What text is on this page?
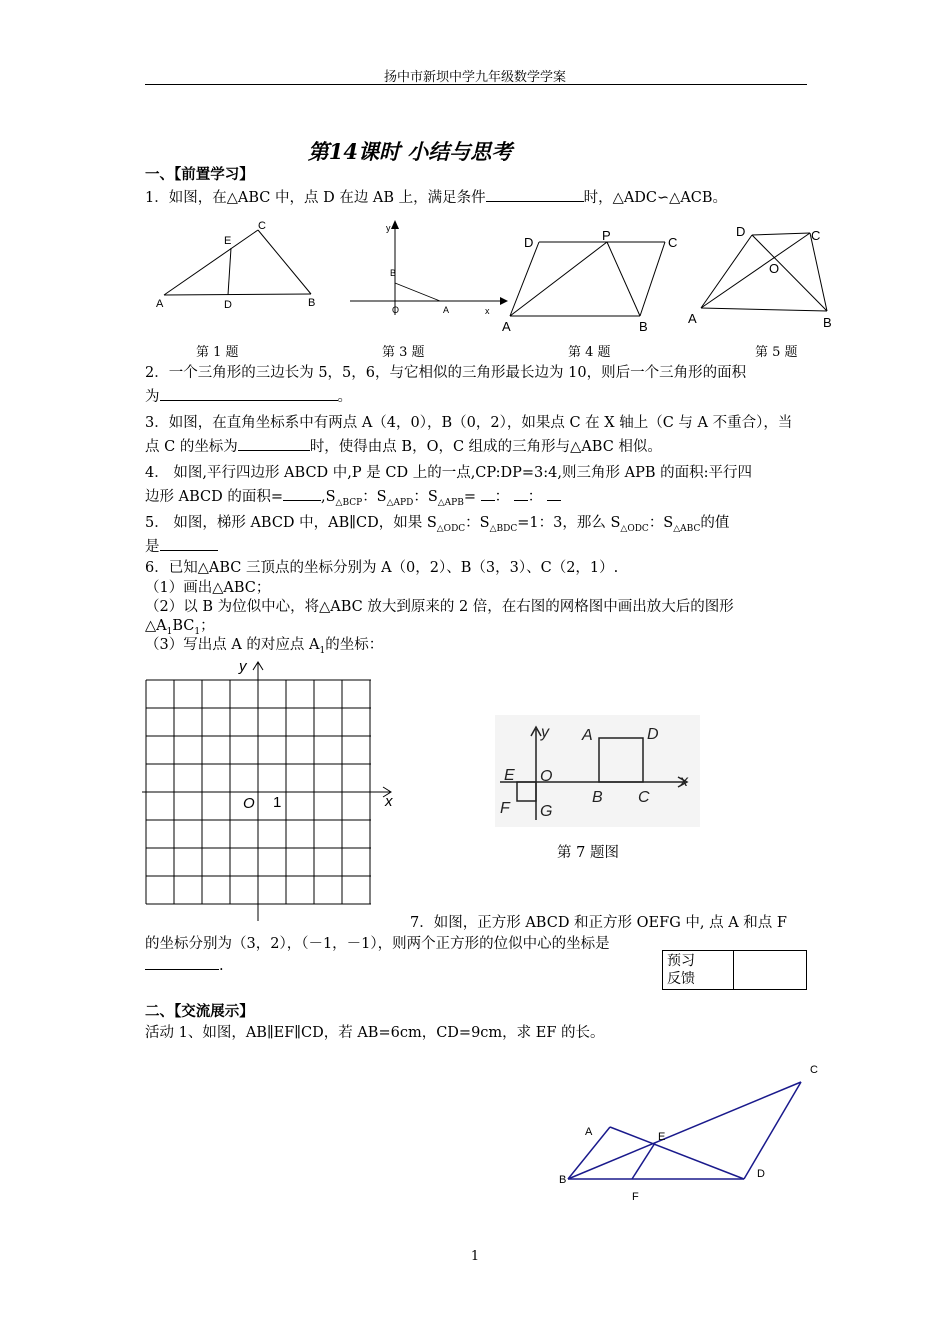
扬中市新坝中学九年级数学学案
第14课时 小结与思考
一、【前置学习】
1．如图，在△ABC 中，点 D 在边 AB 上，满足条件	时，△ADC∽△ACB。
C
E
A	D	B
y
x
B
O	A
D	P	C
A	B
D	C
O
A	B
第 1 题	第 3 题	第 4 题	第 5 题
2．一个三角形的三边长为 5，5，6，与它相似的三角形最长边为 10，则后一个三角形的面积
为	。
3．如图，在直角坐标系中有两点 A（4，0），B（0，2），如果点 C 在 X 轴上（C 与 A 不重合），当
点 C 的坐标为	时，使得由点 B，O，C 组成的三角形与△ABC 相似。
4． 如图,平行四边形 ABCD 中,P 是 CD 上的一点,CP:DP=3:4,则三角形 APB 的面积:平行四
边形 ABCD 的面积=	$,S_{\triangle BCP}$：$S_{\triangle APD}$：$S_{\triangle APB}=$ ： ：
5． 如图，梯形 ABCD 中，AB∥CD，如果 $S_{\triangle ODC}$：$S_{\triangle BDC}=1$：3，那么 $S_{\triangle ODC}$：$S_{\triangle ABC}$的值
是
6．已知△ABC 三顶点的坐标分别为 A（0，2）、B（3，3）、C（2，1）.
（1）画出△ABC；
（2）以 B 为位似中心，将△ABC 放大到原来的 2 倍，在右图的网格图中画出放大后的图形
$\triangle A_1BC_1$；
（3）写出点 A 的对应点 $A_1$的坐标：
y
x
O 1
y A	D
E O	x
F G
B C
第 7 题图
7．如图，正方形 ABCD 和正方形 OEFG 中, 点 A 和点 F
的坐标分别为（3，2），（－1，－1），则两个正方形的位似中心的坐标是
.	预习
反馈

二、【交流展示】
活动 1、如图，AB∥EF∥CD，若 AB=6cm，CD=9cm，求 EF 的长。
C
A	E
B	D
F
1
